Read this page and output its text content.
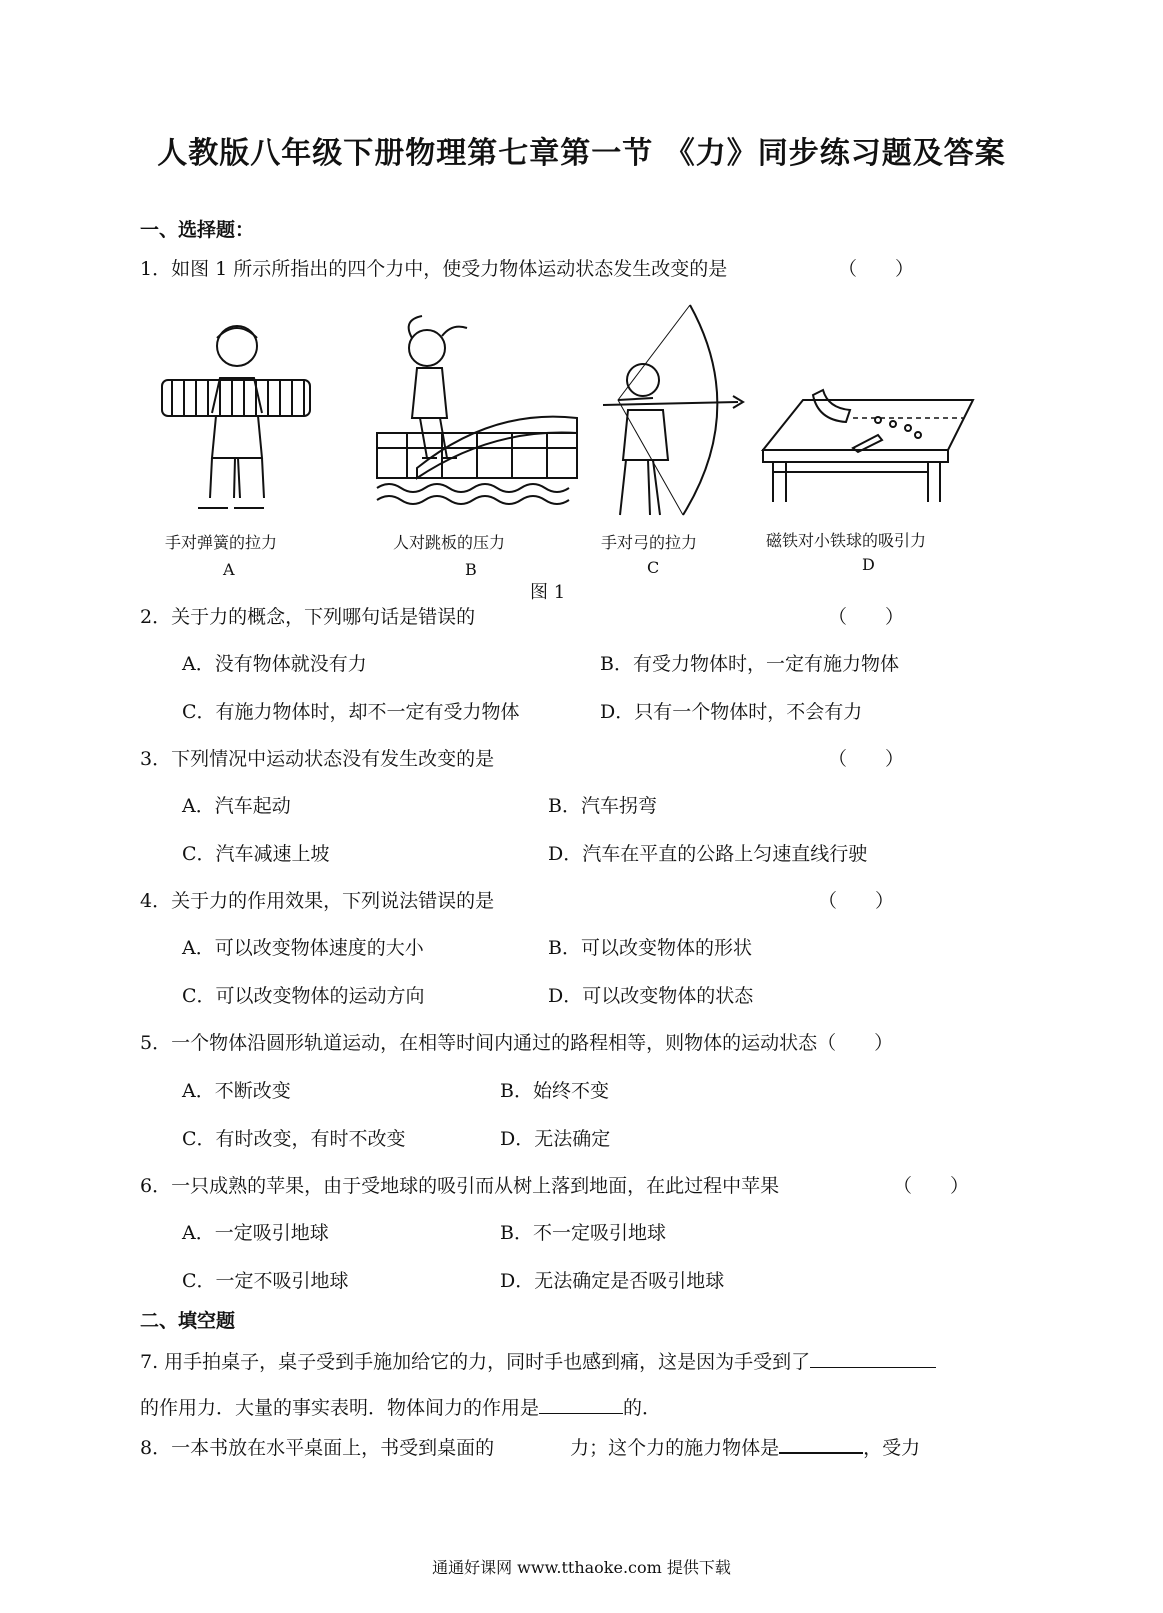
人教版八年级下册物理第七章第一节 《力》同步练习题及答案
一、选择题：
1．如图 1 所示所指出的四个力中，使受力物体运动状态发生改变的是	（　　）
手对弹簧的拉力
A
人对跳板的压力
B
手对弓的拉力
C
磁铁对小铁球的吸引力
D
图 1
2．关于力的概念，下列哪句话是错误的	（　　）
A．没有物体就没有力	B．有受力物体时，一定有施力物体
C．有施力物体时，却不一定有受力物体	D．只有一个物体时，不会有力
3．下列情况中运动状态没有发生改变的是	（　　）
A．汽车起动	B．汽车拐弯
C．汽车减速上坡	D．汽车在平直的公路上匀速直线行驶
4．关于力的作用效果，下列说法错误的是	（　　）
A．可以改变物体速度的大小	B．可以改变物体的形状
C．可以改变物体的运动方向	D．可以改变物体的状态
5．一个物体沿圆形轨道运动，在相等时间内通过的路程相等，则物体的运动状态（　　）
A．不断改变	B．始终不变
C．有时改变，有时不改变	D．无法确定
6．一只成熟的苹果，由于受地球的吸引而从树上落到地面，在此过程中苹果	（　　）
A．一定吸引地球	B．不一定吸引地球
C．一定不吸引地球	D．无法确定是否吸引地球
二、填空题
7. 用手拍桌子，桌子受到手施加给它的力，同时手也感到痛，这是因为手受到了
的作用力．大量的事实表明．物体间力的作用是	的．
8．一本书放在水平桌面上，书受到桌面的	力；这个力的施力物体是	，受力
通通好课网 www.tthaoke.com 提供下载
